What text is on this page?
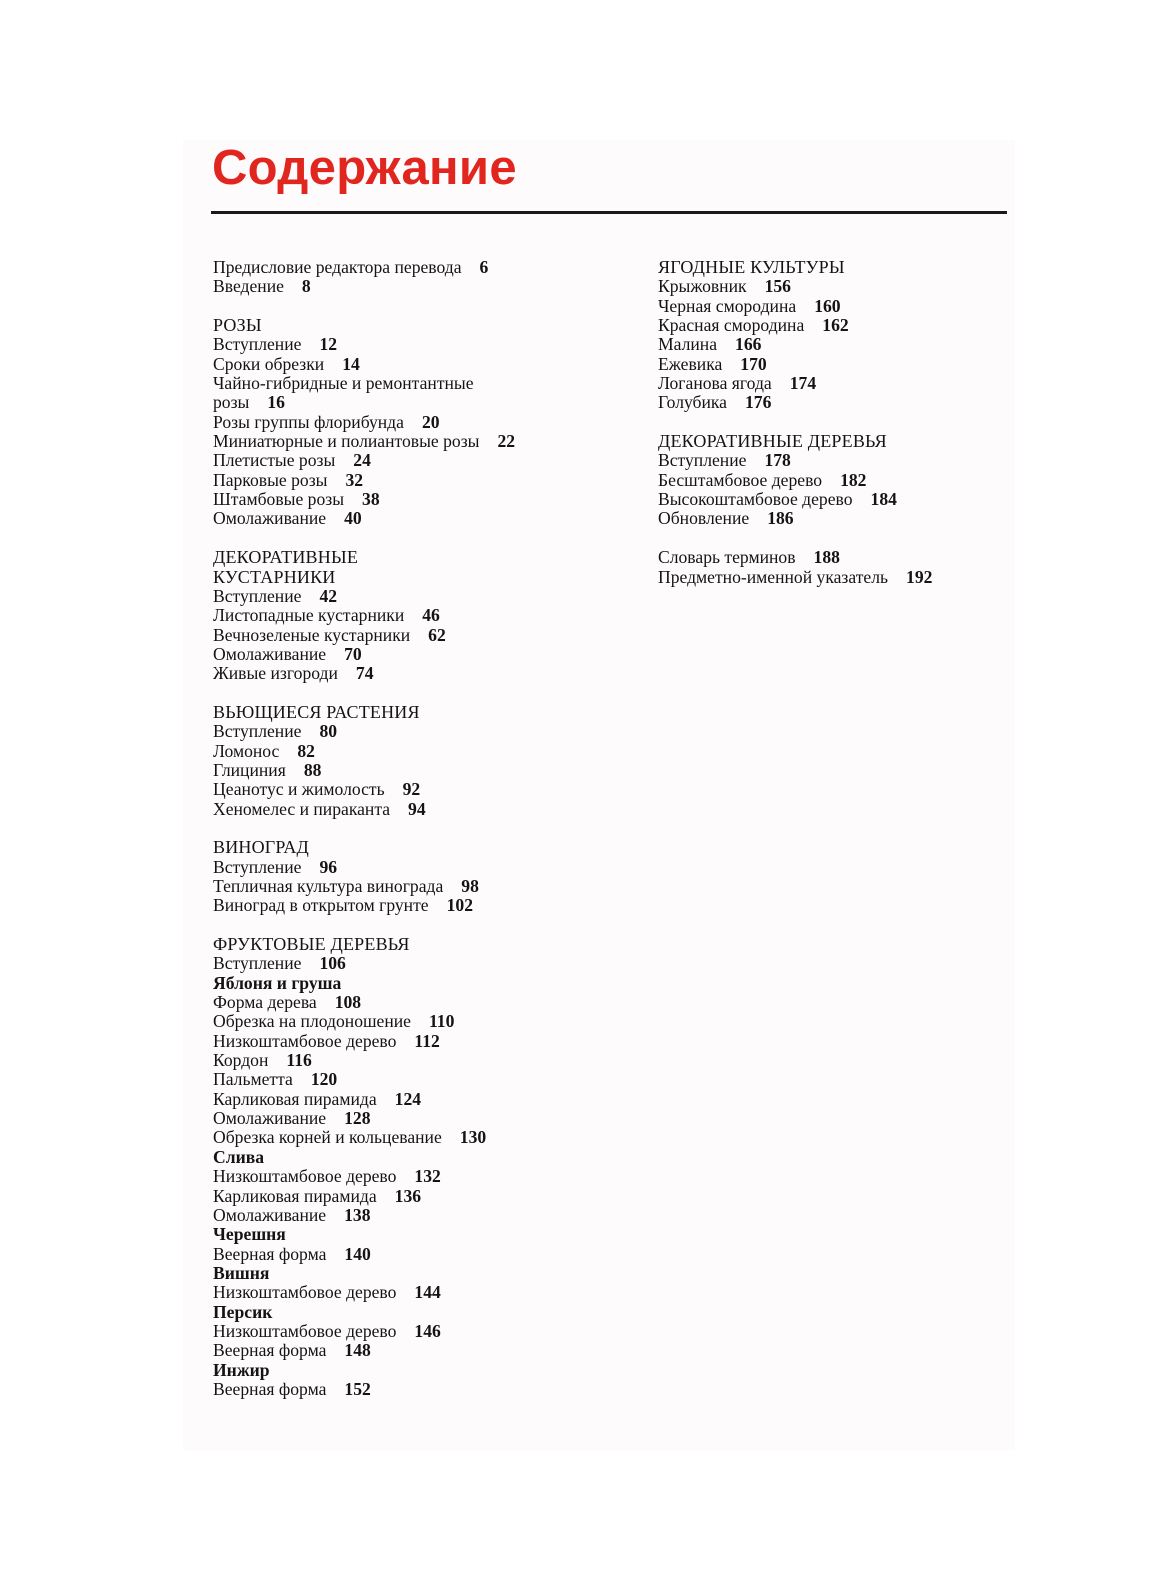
Содержание
Предисловие редактора перевода 6
Введение 8
РОЗЫ
Вступление 12
Сроки обрезки 14
Чайно-гибридные и ремонтантные
розы 16
Розы группы флорибунда 20
Миниатюрные и полиантовые розы 22
Плетистые розы 24
Парковые розы 32
Штамбовые розы 38
Омолаживание 40
ДЕКОРАТИВНЫЕ
КУСТАРНИКИ
Вступление 42
Листопадные кустарники 46
Вечнозеленые кустарники 62
Омолаживание 70
Живые изгороди 74
ВЬЮЩИЕСЯ РАСТЕНИЯ
Вступление 80
Ломонос 82
Глициния 88
Цеанотус и жимолость 92
Хеномелес и пираканта 94
ВИНОГРАД
Вступление 96
Тепличная культура винограда 98
Виноград в открытом грунте 102
ФРУКТОВЫЕ ДЕРЕВЬЯ
Вступление 106
Яблоня и груша
Форма дерева 108
Обрезка на плодоношение 110
Низкоштамбовое дерево 112
Кордон 116
Пальметта 120
Карликовая пирамида 124
Омолаживание 128
Обрезка корней и кольцевание 130
Слива
Низкоштамбовое дерево 132
Карликовая пирамида 136
Омолаживание 138
Черешня
Веерная форма 140
Вишня
Низкоштамбовое дерево 144
Персик
Низкоштамбовое дерево 146
Веерная форма 148
Инжир
Веерная форма 152
ЯГОДНЫЕ КУЛЬТУРЫ
Крыжовник 156
Черная смородина 160
Красная смородина 162
Малина 166
Ежевика 170
Логанова ягода 174
Голубика 176
ДЕКОРАТИВНЫЕ ДЕРЕВЬЯ
Вступление 178
Бесштамбовое дерево 182
Высокоштамбовое дерево 184
Обновление 186
Словарь терминов 188
Предметно-именной указатель 192
